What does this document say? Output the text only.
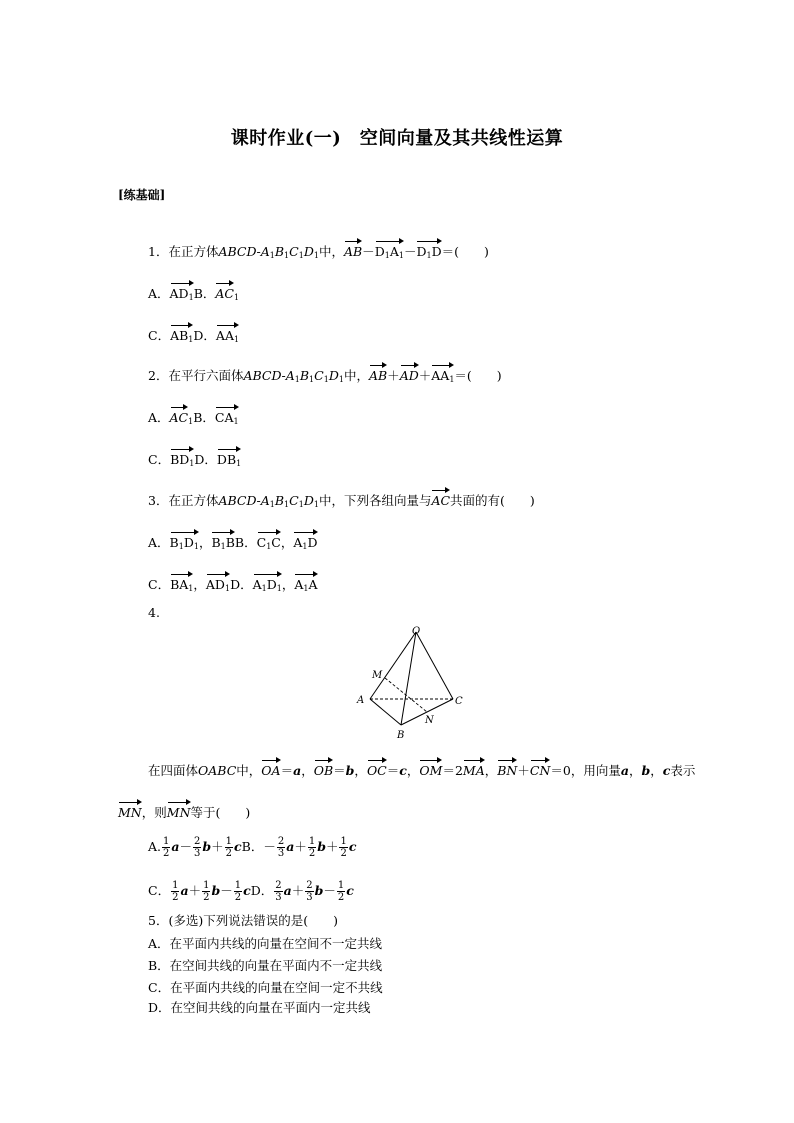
课时作业(一)　空间向量及其共线性运算
[练基础]
1．在正方体ABCD-$A_1B_1C_1D_1$中，$AB-D_1A_1-D_1D=$(　　)
A．$AD_1B$．$AC_1$
C．$AB_1D$．$AA_1$
2．在平行六面体ABCD-$A_1B_1C_1D_1$中，$AB+AD+AA_1=$(　　)
A．$AC_1B$．$CA_1$
C．$BD_1D$．$DB_1$
3．在正方体ABCD-$A_1B_1C_1D_1$中，下列各组向量与AC共面的有(　　)
A．$B_1D_1$，$B_1BB$．$C_1C$，$A_1D$
C．$BA_1$，$AD_1D$．$A_1D_1$，$A_1A$
4.
O
M
A
B
C
N
在四面体OABC中，OA＝a，OB＝b，OC＝c，OM＝2MA，BN＋CN＝0，用向量a，b，c表示
MN，则MN等于(　　)
A. $\frac{1}{2} a- \frac{2}{3} b+ \frac{1}{2}$ cB．－ $\frac{2}{3} a+ \frac{1}{2} b+ \frac{1}{2}$ c
C． $\frac{1}{2} a+ \frac{1}{2} b- \frac{1}{2}$ cD． $\frac{2}{3} a+ \frac{2}{3} b- \frac{1}{2}$ c
5．(多选)下列说法错误的是(　　)
A．在平面内共线的向量在空间不一定共线
B．在空间共线的向量在平面内不一定共线
C．在平面内共线的向量在空间一定不共线
D．在空间共线的向量在平面内一定共线
